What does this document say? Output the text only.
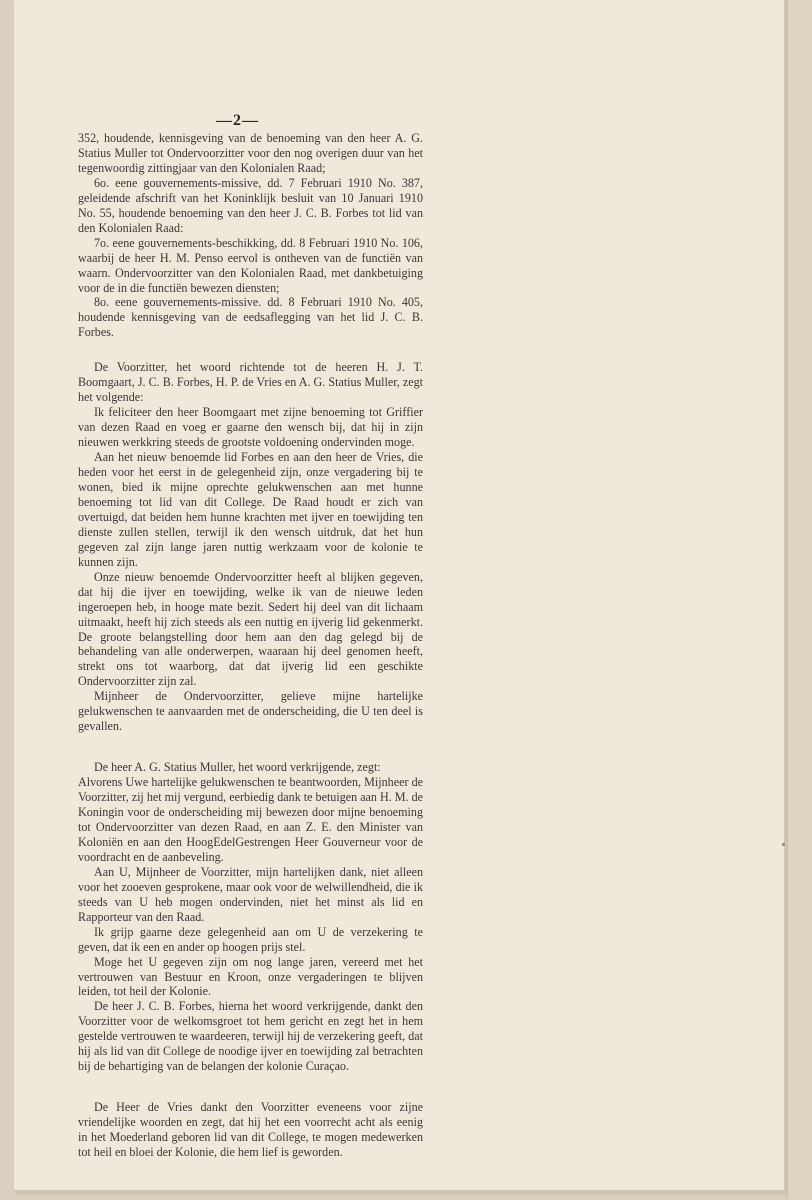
—2—

352, houdende, kennisgeving van de benoeming van den heer A. G. Statius Muller tot Ondervoorzitter voor den nog overigen duur van het tegenwoordig zittingjaar van den Kolonialen Raad;

6o. eene gouvernements-missive, dd. 7 Februari 1910 No. 387, geleidende afschrift van het Koninklijk besluit van 10 Januari 1910 No. 55, houdende benoeming van den heer J. C. B. Forbes tot lid van den Kolonialen Raad:

7o. eene gouvernements-beschikking, dd. 8 Februari 1910 No. 106, waarbij de heer H. M. Penso eervol is ontheven van de functiën van waarn. Ondervoorzitter van den Kolonialen Raad, met dankbetuiging voor de in die functiën bewezen diensten;

8o. eene gouvernements-missive. dd. 8 Februari 1910 No. 405, houdende kennisgeving van de eedsaflegging van het lid J. C. B. Forbes.

De Voorzitter, het woord richtende tot de heeren H. J. T. Boomgaart, J. C. B. Forbes, H. P. de Vries en A. G. Statius Muller, zegt het volgende:

Ik feliciteer den heer Boomgaart met zijne benoeming tot Griffier van dezen Raad en voeg er gaarne den wensch bij, dat hij in zijn nieuwen werkkring steeds de grootste voldoening ondervinden moge.

Aan het nieuw benoemde lid Forbes en aan den heer de Vries, die heden voor het eerst in de gelegenheid zijn, onze vergadering bij te wonen, bied ik mijne oprechte gelukwenschen aan met hunne benoeming tot lid van dit College. De Raad houdt er zich van overtuigd, dat beiden hem hunne krachten met ijver en toewijding ten dienste zullen stellen, terwijl ik den wensch uitdruk, dat het hun gegeven zal zijn lange jaren nuttig werkzaam voor de kolonie te kunnen zijn.

Onze nieuw benoemde Ondervoorzitter heeft al blijken gegeven, dat hij die ijver en toewijding, welke ik van de nieuwe leden ingeroepen heb, in hooge mate bezit. Sedert hij deel van dit lichaam uitmaakt, heeft hij zich steeds als een nuttig en ijverig lid gekenmerkt. De groote belangstelling door hem aan den dag gelegd bij de behandeling van alle onderwerpen, waaraan hij deel genomen heeft, strekt ons tot waarborg, dat dat ijverig lid een geschikte Ondervoorzitter zijn zal.

Mijnheer de Ondervoorzitter, gelieve mijne hartelijke gelukwenschen te aanvaarden met de onderscheiding, die U ten deel is gevallen.

De heer A. G. Statius Muller, het woord verkrijgende, zegt:

Alvorens Uwe hartelijke gelukwenschen te beantwoorden, Mijnheer de Voorzitter, zij het mij vergund, eerbiedig dank te betuigen aan H. M. de Koningin voor de onderscheiding mij bewezen door mijne benoeming tot Ondervoorzitter van dezen Raad, en aan Z. E. den Minister van Koloniën en aan den HoogEdelGestrengen Heer Gouverneur voor de voordracht en de aanbeveling.

Aan U, Mijnheer de Voorzitter, mijn hartelijken dank, niet alleen voor het zooeven gesprokene, maar ook voor de welwillendheid, die ik steeds van U heb mogen ondervinden, niet het minst als lid en Rapporteur van den Raad.

Ik grijp gaarne deze gelegenheid aan om U de verzekering te geven, dat ik een en ander op hoogen prijs stel.

Moge het U gegeven zijn om nog lange jaren, vereerd met het vertrouwen van Bestuur en Kroon, onze vergaderingen te blijven leiden, tot heil der Kolonie.

De heer J. C. B. Forbes, hierna het woord verkrijgende, dankt den Voorzitter voor de welkomsgroet tot hem gericht en zegt het in hem gestelde vertrouwen te waardeeren, terwijl hij de verzekering geeft, dat hij als lid van dit College de noodige ijver en toewijding zal betrachten bij de behartiging van de belangen der kolonie Curaçao.

De Heer de Vries dankt den Voorzitter eveneens voor zijne vriendelijke woorden en zegt, dat hij het een voorrecht acht als eenig in het Moederland geboren lid van dit College, te mogen medewerken tot heil en bloei der Kolonie, die hem lief is geworden.
